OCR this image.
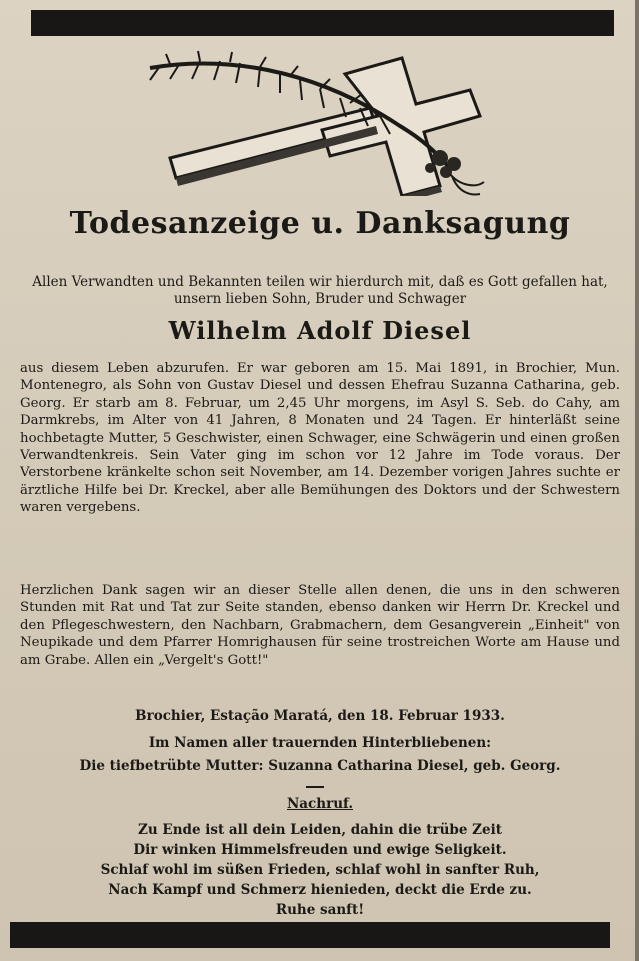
Todesanzeige u. Danksagung
Allen Verwandten und Bekannten teilen wir hierdurch mit, daß es Gott gefallen hat, unsern lieben Sohn, Bruder und Schwager
Wilhelm Adolf Diesel
aus diesem Leben abzurufen. Er war geboren am 15. Mai 1891, in Brochier, Mun. Montenegro, als Sohn von Gustav Diesel und dessen Ehefrau Suzanna Catharina, geb. Georg. Er starb am 8. Februar, um 2,45 Uhr morgens, im Asyl S. Seb. do Cahy, am Darmkrebs, im Alter von 41 Jahren, 8 Monaten und 24 Tagen. Er hinterläßt seine hochbetagte Mutter, 5 Geschwister, einen Schwager, eine Schwägerin und einen großen Verwandtenkreis. Sein Vater ging im schon vor 12 Jahre im Tode voraus. Der Verstorbene kränkelte schon seit November, am 14. Dezember vorigen Jahres suchte er ärztliche Hilfe bei Dr. Kreckel, aber alle Bemühungen des Doktors und der Schwestern waren vergebens.
Herzlichen Dank sagen wir an dieser Stelle allen denen, die uns in den schweren Stunden mit Rat und Tat zur Seite standen, ebenso danken wir Herrn Dr. Kreckel und den Pflegeschwestern, den Nachbarn, Grabmachern, dem Gesangverein „Einheit" von Neupikade und dem Pfarrer Homrighausen für seine trostreichen Worte am Hause und am Grabe. Allen ein „Vergelt's Gott!"
Brochier, Estação Maratá, den 18. Februar 1933.
Im Namen aller trauernden Hinterbliebenen:
Die tiefbetrübte Mutter: Suzanna Catharina Diesel, geb. Georg.
Nachruf.
Zu Ende ist all dein Leiden, dahin die trübe Zeit
Dir winken Himmelsfreuden und ewige Seligkeit.
Schlaf wohl im süßen Frieden, schlaf wohl in sanfter Ruh,
Nach Kampf und Schmerz hienieden, deckt die Erde zu.
Ruhe sanft!
